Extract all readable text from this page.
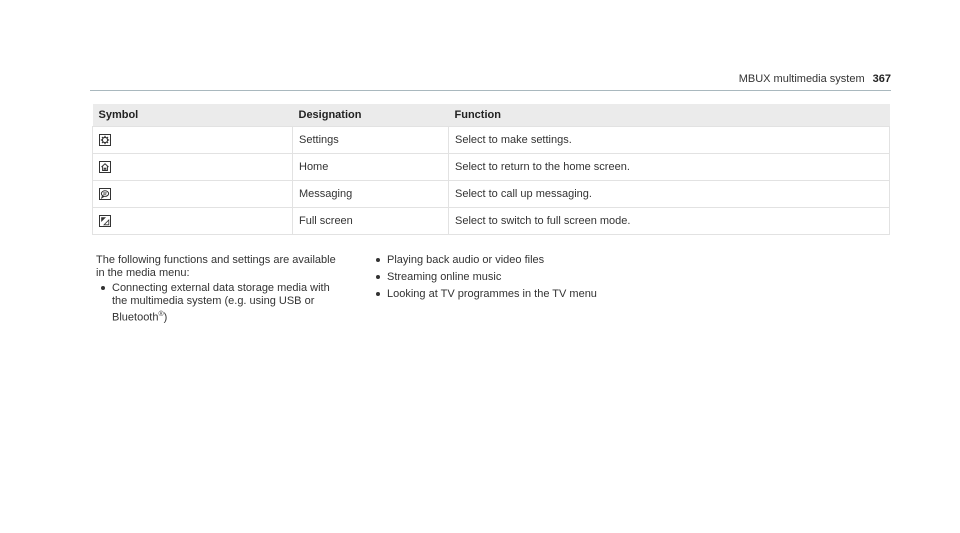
MBUX multimedia system 367
Symbol	Designation	Function

	Settings	Select to make settings.

	Home	Select to return to the home screen.

	Messaging	Select to call up messaging.

	Full screen	Select to switch to full screen mode.
The following functions and settings are available in the media menu:
Connecting external data storage media with the multimedia system (e.g. using USB or Bluetooth®)
Playing back audio or video files
Streaming online music
Looking at TV programmes in the TV menu
